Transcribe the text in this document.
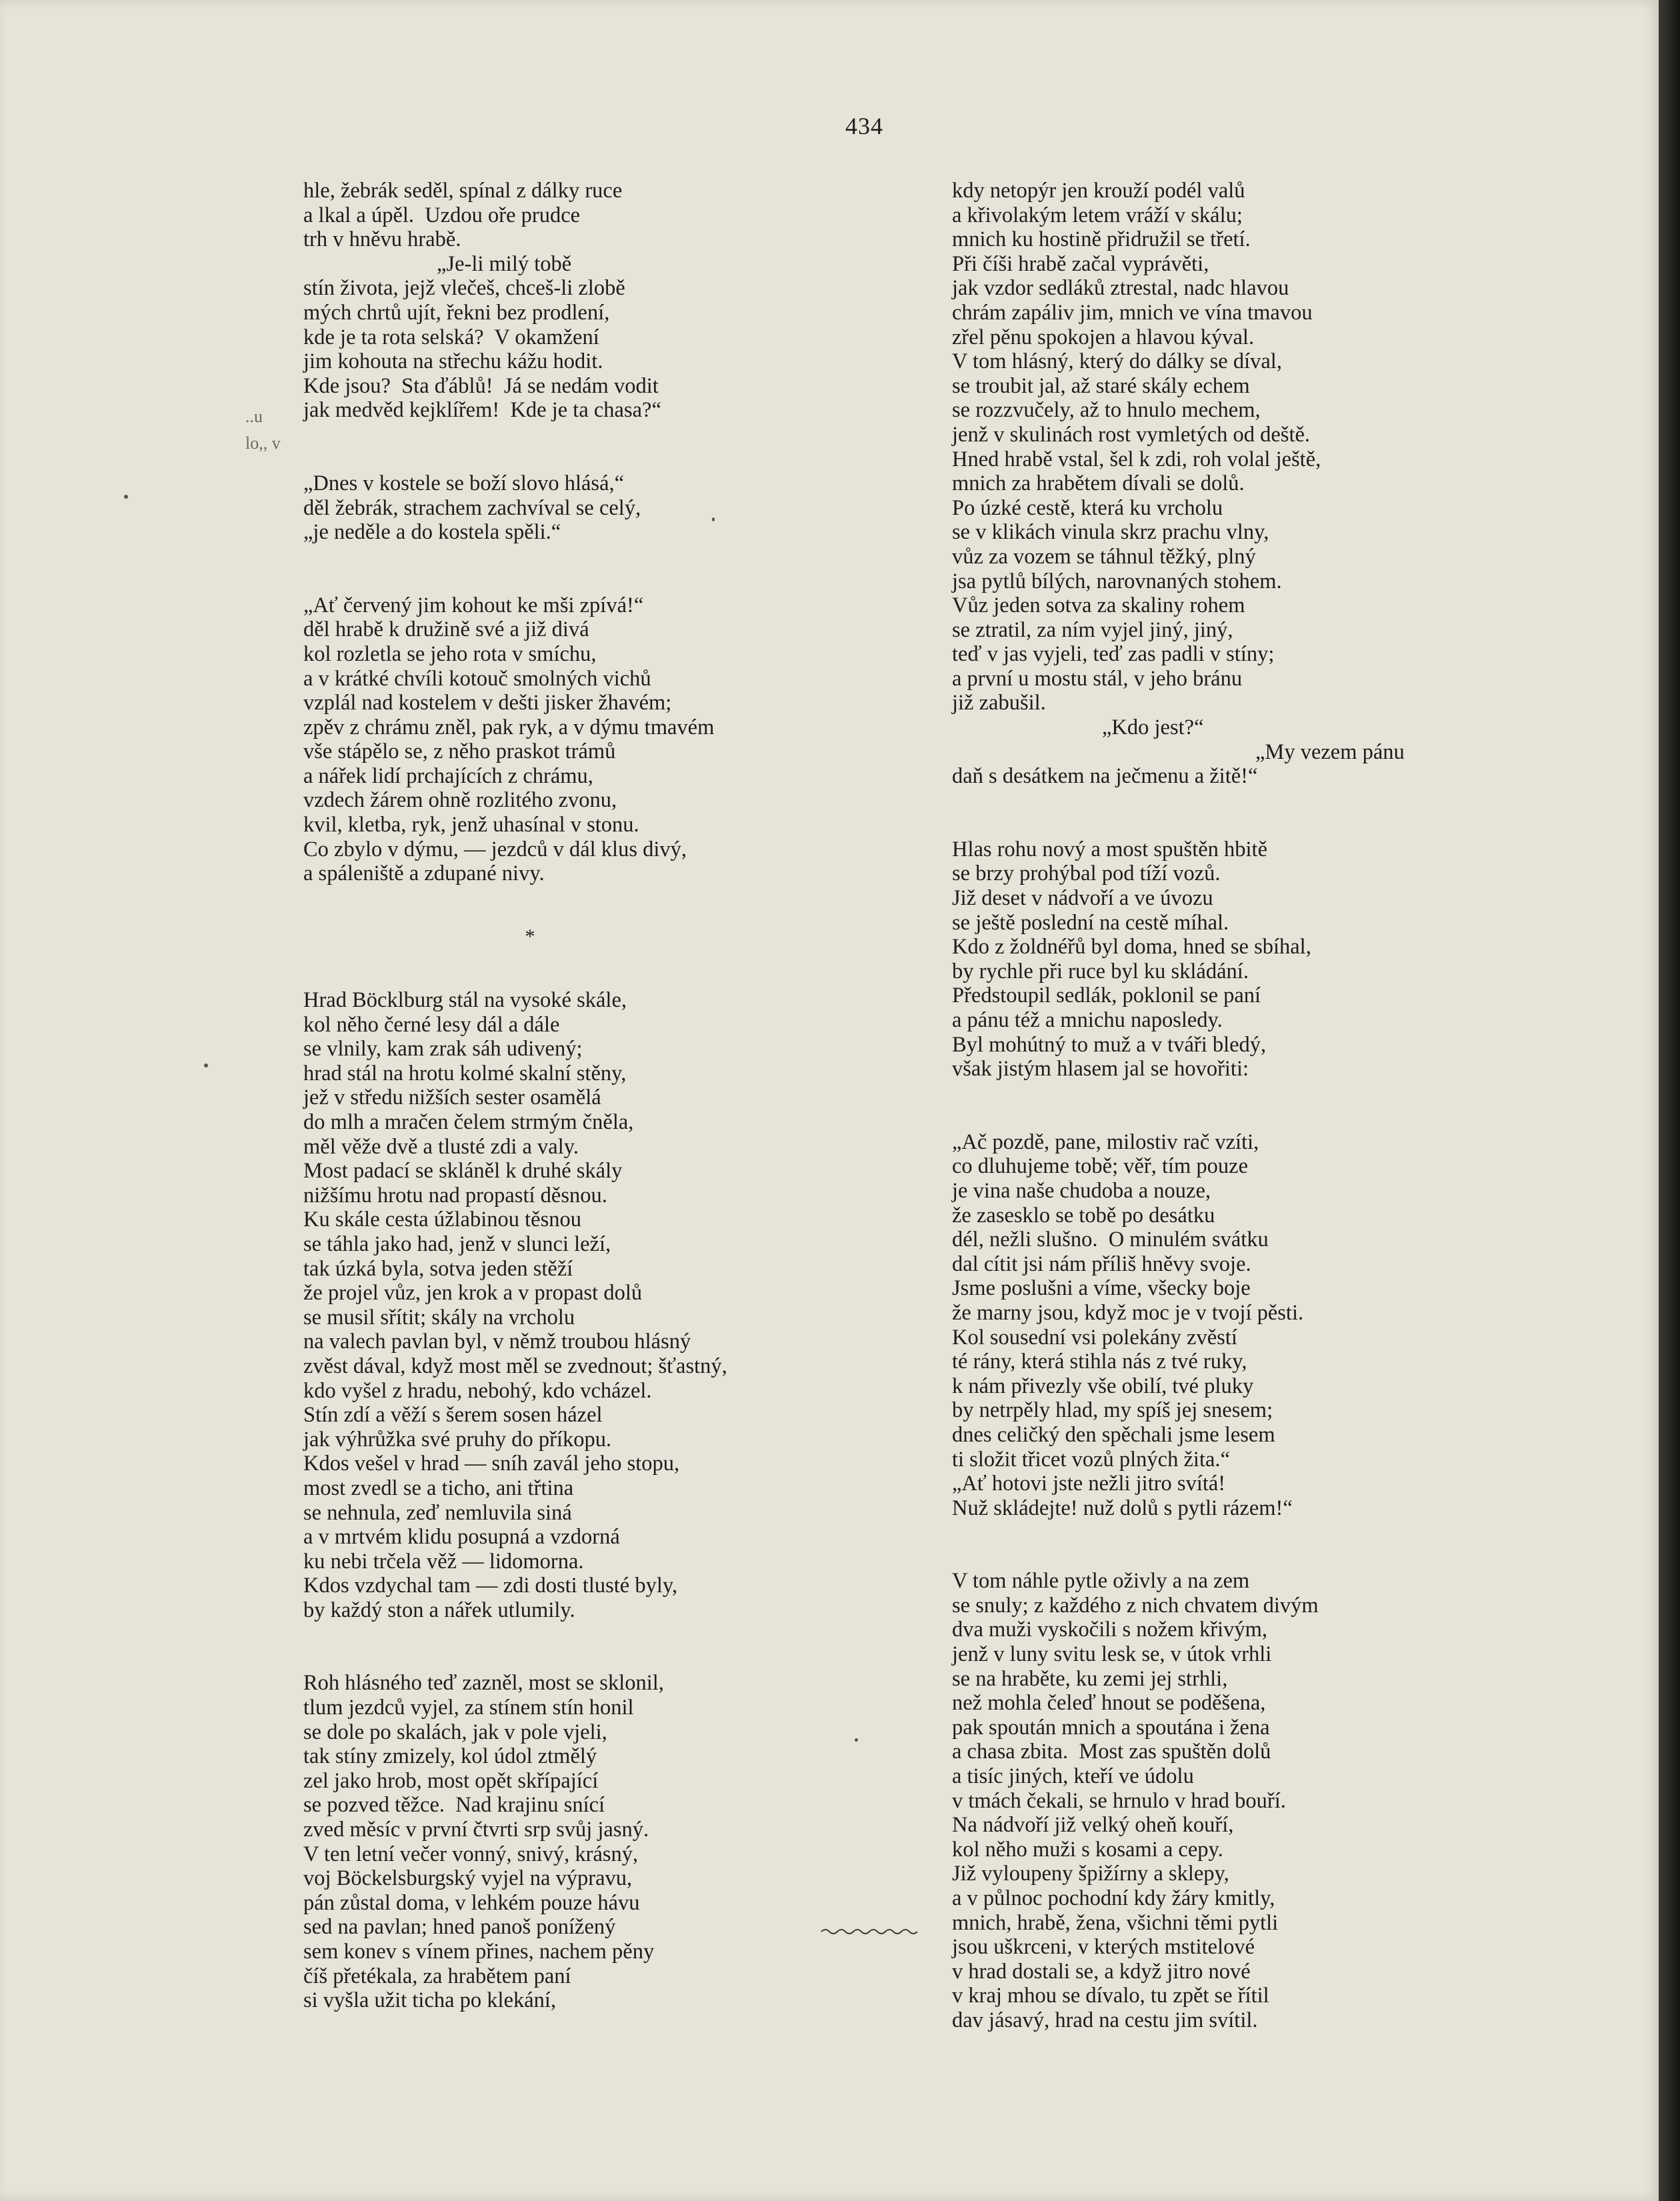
434
..u
lo,, v
hle, žebrák seděl, spínal z dálky ruce
a lkal a úpěl.  Uzdou oře prudce
trh v hněvu hrabě.
„Je-li milý tobě
stín života, jejž vlečeš, chceš-li zlobě
mých chrtů ujít, řekni bez prodlení,
kde je ta rota selská?  V okamžení
jim kohouta na střechu kážu hodit.
Kde jsou?  Sta ďáblů!  Já se nedám vodit
jak medvěd kejklířem!  Kde je ta chasa?“
„Dnes v kostele se boží slovo hlásá,“
děl žebrák, strachem zachvíval se celý,
„je neděle a do kostela spěli.“
„Ať červený jim kohout ke mši zpívá!“
děl hrabě k družině své a již divá
kol rozletla se jeho rota v smíchu,
a v krátké chvíli kotouč smolných vichů
vzplál nad kostelem v dešti jisker žhavém;
zpěv z chrámu zněl, pak ryk, a v dýmu tmavém
vše stápělo se, z něho praskot trámů
a nářek lidí prchajících z chrámu,
vzdech žárem ohně rozlitého zvonu,
kvil, kletba, ryk, jenž uhasínal v stonu.
Co zbylo v dýmu, — jezdců v dál klus divý,
a spáleniště a zdupané nivy.
*
Hrad Böcklburg stál na vysoké skále,
kol něho černé lesy dál a dále
se vlnily, kam zrak sáh udivený;
hrad stál na hrotu kolmé skalní stěny,
jež v středu nižších sester osamělá
do mlh a mračen čelem strmým čněla,
měl věže dvě a tlusté zdi a valy.
Most padací se skláněl k druhé skály
nižšímu hrotu nad propastí děsnou.
Ku skále cesta úžlabinou těsnou
se táhla jako had, jenž v slunci leží,
tak úzká byla, sotva jeden stěží
že projel vůz, jen krok a v propast dolů
se musil sřítit; skály na vrcholu
na valech pavlan byl, v němž troubou hlásný
zvěst dával, když most měl se zvednout; šťastný,
kdo vyšel z hradu, nebohý, kdo vcházel.
Stín zdí a věží s šerem sosen házel
jak výhrůžka své pruhy do příkopu.
Kdos vešel v hrad — sníh zavál jeho stopu,
most zvedl se a ticho, ani třtina
se nehnula, zeď nemluvila siná
a v mrtvém klidu posupná a vzdorná
ku nebi trčela věž — lidomorna.
Kdos vzdychal tam — zdi dosti tlusté byly,
by každý ston a nářek utlumily.
Roh hlásného teď zazněl, most se sklonil,
tlum jezdců vyjel, za stínem stín honil
se dole po skalách, jak v pole vjeli,
tak stíny zmizely, kol údol ztmělý
zel jako hrob, most opět skřípající
se pozved těžce.  Nad krajinu snící
zved měsíc v první čtvrti srp svůj jasný.
V ten letní večer vonný, snivý, krásný,
voj Böckelsburgský vyjel na výpravu,
pán zůstal doma, v lehkém pouze hávu
sed na pavlan; hned panoš ponížený
sem konev s vínem přines, nachem pěny
číš přetékala, za hrabětem paní
si vyšla užit ticha po klekání,
kdy netopýr jen krouží podél valů
a křivolakým letem vráží v skálu;
mnich ku hostině přidružil se třetí.
Při číši hrabě začal vyprávěti,
jak vzdor sedláků ztrestal, nadc hlavou
chrám zapáliv jim, mnich ve vína tmavou
zřel pěnu spokojen a hlavou kýval.
V tom hlásný, který do dálky se díval,
se troubit jal, až staré skály echem
se rozzvučely, až to hnulo mechem,
jenž v skulinách rost vymletých od deště.
Hned hrabě vstal, šel k zdi, roh volal ještě,
mnich za hrabětem dívali se dolů.
Po úzké cestě, která ku vrcholu
se v klikách vinula skrz prachu vlny,
vůz za vozem se táhnul těžký, plný
jsa pytlů bílých, narovnaných stohem.
Vůz jeden sotva za skaliny rohem
se ztratil, za ním vyjel jiný, jiný,
teď v jas vyjeli, teď zas padli v stíny;
a první u mostu stál, v jeho bránu
již zabušil.
„Kdo jest?“
„My vezem pánu
daň s desátkem na ječmenu a žitě!“
Hlas rohu nový a most spuštěn hbitě
se brzy prohýbal pod tíží vozů.
Již deset v nádvoří a ve úvozu
se ještě poslední na cestě míhal.
Kdo z žoldnéřů byl doma, hned se sbíhal,
by rychle při ruce byl ku skládání.
Předstoupil sedlák, poklonil se paní
a pánu též a mnichu naposledy.
Byl mohútný to muž a v tváři bledý,
však jistým hlasem jal se hovořiti:
„Ač pozdě, pane, milostiv rač vzíti,
co dluhujeme tobě; věř, tím pouze
je vina naše chudoba a nouze,
že zasesklo se tobě po desátku
dél, nežli slušno.  O minulém svátku
dal cítit jsi nám příliš hněvy svoje.
Jsme poslušni a víme, všecky boje
že marny jsou, když moc je v tvojí pěsti.
Kol sousední vsi polekány zvěstí
té rány, která stihla nás z tvé ruky,
k nám přivezly vše obilí, tvé pluky
by netrpěly hlad, my spíš jej snesem;
dnes celičký den spěchali jsme lesem
ti složit třicet vozů plných žita.“
„Ať hotovi jste nežli jitro svítá!
Nuž skládejte! nuž dolů s pytli rázem!“
V tom náhle pytle oživly a na zem
se snuly; z každého z nich chvatem divým
dva muži vyskočili s nožem křivým,
jenž v luny svitu lesk se, v útok vrhli
se na hraběte, ku zemi jej strhli,
než mohla čeleď hnout se poděšena,
pak spoután mnich a spoutána i žena
a chasa zbita.  Most zas spuštěn dolů
a tisíc jiných, kteří ve údolu
v tmách čekali, se hrnulo v hrad bouří.
Na nádvoří již velký oheň kouří,
kol něho muži s kosami a cepy.
Již vyloupeny špižírny a sklepy,
a v půlnoc pochodní kdy žáry kmitly,
mnich, hrabě, žena, všichni těmi pytli
jsou uškrceni, v kterých mstitelové
v hrad dostali se, a když jitro nové
v kraj mhou se dívalo, tu zpět se řítil
dav jásavý, hrad na cestu jim svítil.
